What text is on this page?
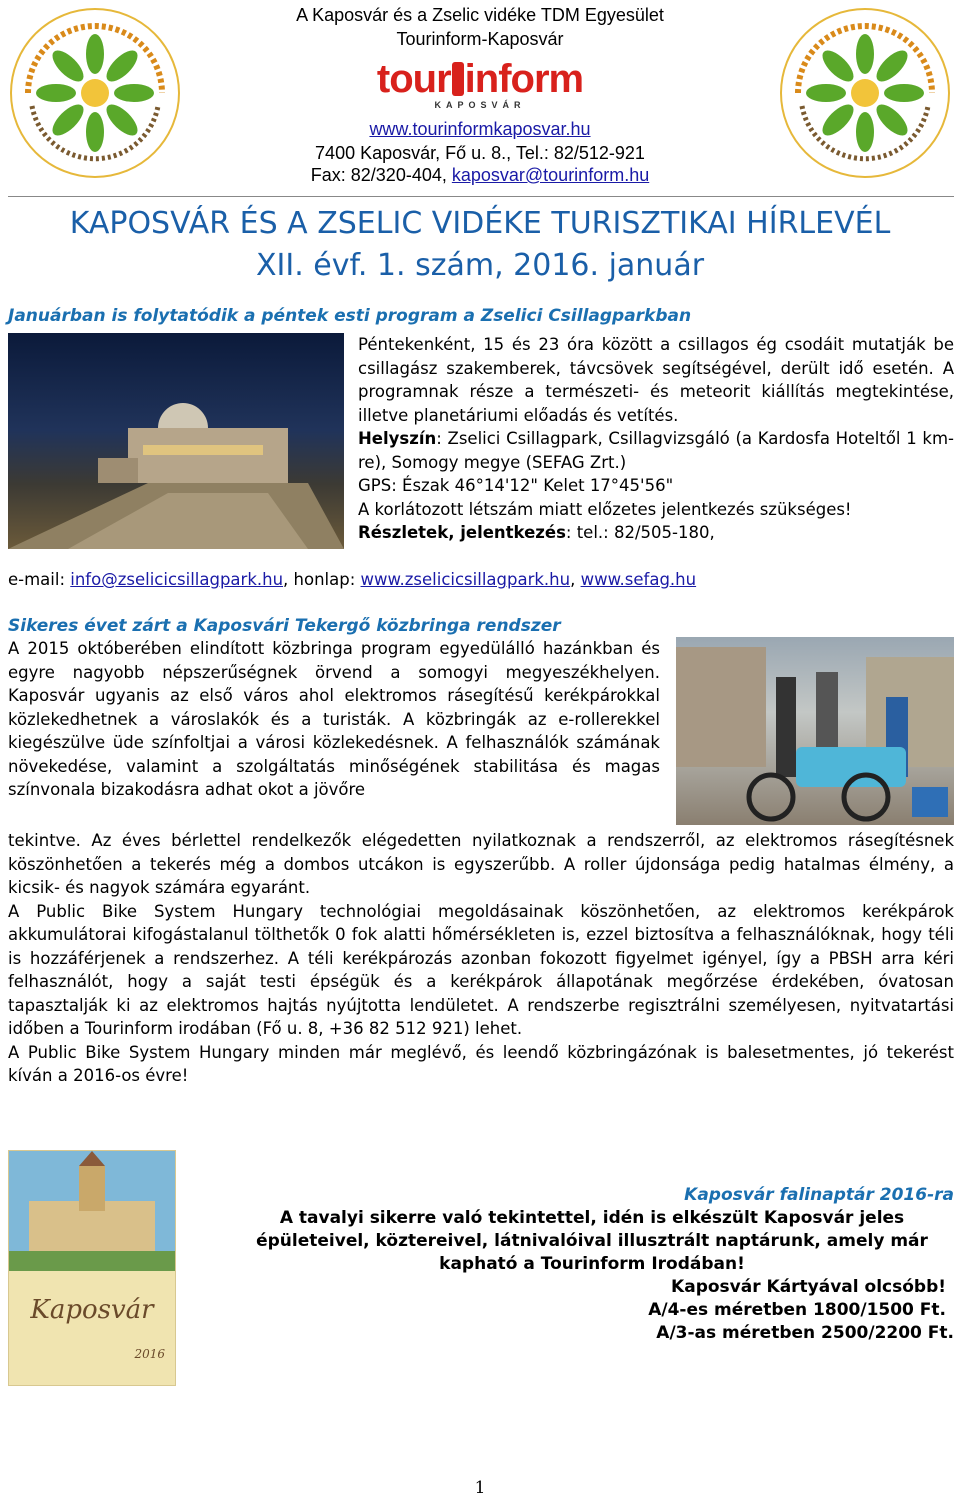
A Kaposvár és a Zselic vidéke TDM Egyesület
Tourinform-Kaposvár
tour inform
KAPOSVÁR
www.tourinformkaposvar.hu
7400 Kaposvár, Fő u. 8., Tel.: 82/512-921
Fax: 82/320-404, kaposvar@tourinform.hu
KAPOSVÁR ÉS A ZSELIC VIDÉKE TURISZTIKAI HÍRLEVÉL
XII. évf. 1. szám, 2016. január
Januárban is folytatódik a péntek esti program a Zselici Csillagparkban

Péntekenként, 15 és 23 óra között a csillagos ég csodáit mutatják be csillagász szakemberek, távcsövek segítségével, derült idő esetén. A programnak része a természeti- és meteorit kiállítás megtekintése, illetve planetáriumi előadás és vetítés.

Helyszín: Zselici Csillagpark, Csillagvizsgáló (a Kardosfa Hoteltől 1 km-re), Somogy megye (SEFAG Zrt.)

GPS: Észak 46°14'12" Kelet 17°45'56"

A korlátozott létszám miatt előzetes jelentkezés szükséges!

Részletek, jelentkezés: tel.: 82/505-180,

e-mail: info@zselicicsillagpark.hu, honlap: www.zselicicsillagpark.hu, www.sefag.hu
Sikeres évet zárt a Kaposvári Tekergő közbringa rendszer

A 2015 októberében elindított közbringa program egyedülálló hazánkban és egyre nagyobb népszerűségnek örvend a somogyi megyeszékhelyen. Kaposvár ugyanis az első város ahol elektromos rásegítésű kerékpárokkal közlekedhetnek a városlakók és a turisták. A közbringák az e-rollerekkel kiegészülve üde színfoltjai a városi közlekedésnek. A felhasználók számának növekedése, valamint a szolgáltatás minőségének stabilitása és magas színvonala bizakodásra adhat okot a jövőre

tekintve. Az éves bérlettel rendelkezők elégedetten nyilatkoznak a rendszerről, az elektromos rásegítésnek köszönhetően a tekerés még a dombos utcákon is egyszerűbb. A roller újdonsága pedig hatalmas élmény, a kicsik- és nagyok számára egyaránt.

A Public Bike System Hungary technológiai megoldásainak köszönhetően, az elektromos kerékpárok akkumulátorai kifogástalanul tölthetők 0 fok alatti hőmérsékleten is, ezzel biztosítva a felhasználóknak, hogy téli is hozzáférjenek a rendszerhez. A téli kerékpározás azonban fokozott figyelmet igényel, így a PBSH arra kéri felhasználót, hogy a saját testi épségük és a kerékpárok állapotának megőrzése érdekében, óvatosan tapasztalják ki az elektromos hajtás nyújtotta lendületet. A rendszerbe regisztrálni személyesen, nyitvatartási időben a Tourinform irodában (Fő u. 8, +36 82 512 921) lehet.

A Public Bike System Hungary minden már meglévő, és leendő közbringázónak is balesetmentes, jó tekerést kíván a 2016-os évre!

Kaposvár
2016
Kaposvár falinaptár 2016-ra
A tavalyi sikerre való tekintettel, idén is elkészült Kaposvár jeles épületeivel, köztereivel, látnivalóival illusztrált naptárunk, amely már kapható a Tourinform Irodában!
Kaposvár Kártyával olcsóbb!
A/4-es méretben 1800/1500 Ft.
A/3-as méretben 2500/2200 Ft.
1
